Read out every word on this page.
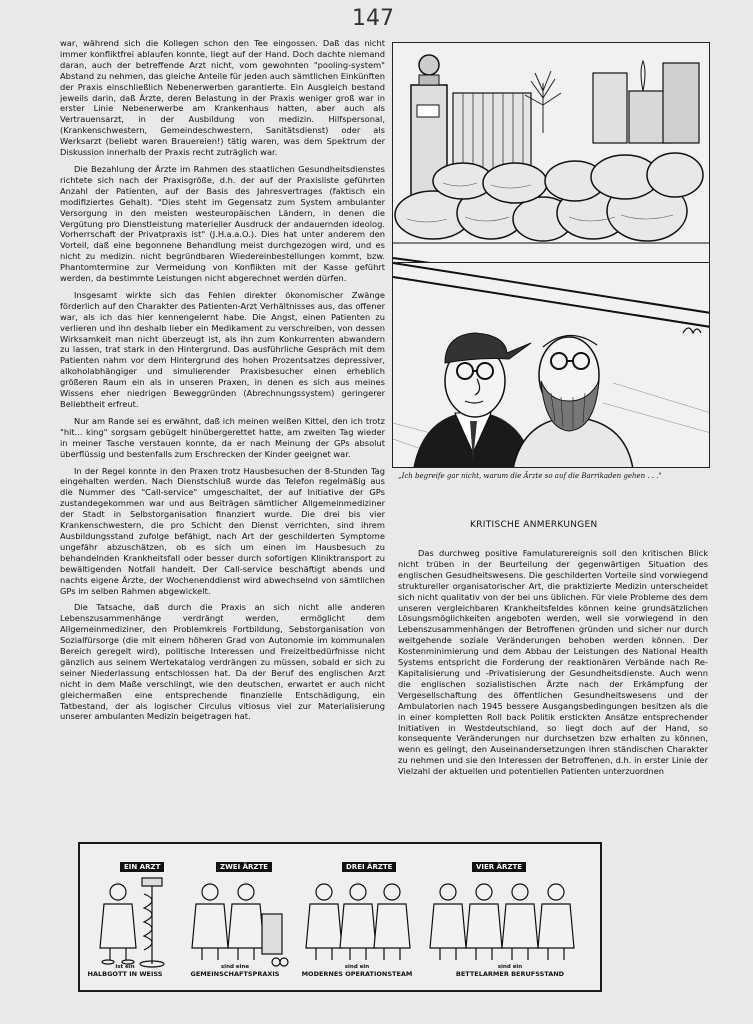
147

war, während sich die Kollegen schon den Tee eingossen. Daß das nicht immer konfliktfrei ablaufen konnte, liegt auf der Hand. Doch dachte niemand daran, auch der betreffende Arzt nicht, vom gewohnten "pooling-system" Abstand zu nehmen, das gleiche Anteile für jeden auch sämtlichen Einkünften der Praxis einschließlich Nebenerwerben garantierte. Ein Ausgleich bestand jeweils darin, daß Ärzte, deren Belastung in der Praxis weniger groß war in erster Linie Nebenerwerbe am Krankenhaus hatten, aber auch als Vertrauensarzt, in der Ausbildung von medizin. Hilfspersonal, (Krankenschwestern, Gemeindeschwestern, Sanitätsdienst) oder als Werksarzt (beliebt waren Brauereien!) tätig waren, was dem Spektrum der Diskussion innerhalb der Praxis recht zuträglich war.

Die Bezahlung der Ärzte im Rahmen des staatlichen Gesundheitsdienstes richtete sich nach der Praxisgröße, d.h. der auf der Praxisliste geführten Anzahl der Patienten, auf der Basis des Jahresvertrages (faktisch ein modifiziertes Gehalt). "Dies steht im Gegensatz zum System ambulanter Versorgung in den meisten westeuropäischen Ländern, in denen die Vergütung pro Dienstleistung materieller Ausdruck der andauernden ideolog. Vorherrschaft der Privatpraxis ist" (J.H.a.a.O.). Dies hat unter anderem den Vorteil, daß eine begonnene Behandlung meist durchgezogen wird, und es nicht zu medizin. nicht begründbaren Wiedereinbestellungen kommt, bzw. Phantomtermine zur Vermeidung von Konflikten mit der Kasse geführt werden, da bestimmte Leistungen nicht abgerechnet werden dürfen.

Insgesamt wirkte sich das Fehlen direkter ökonomischer Zwänge förderlich auf den Charakter des Patienten-Arzt Verhältnisses aus, das offener war, als ich das hier kennengelernt habe. Die Angst, einen Patienten zu verlieren und ihn deshalb lieber ein Medikament zu verschreiben, von dessen Wirksamkeit man nicht überzeugt ist, als ihn zum Konkurrenten abwandern zu lassen, trat stark in den Hintergrund. Das ausführliche Gespräch mit dem Patienten nahm vor dem Hintergrund des hohen Prozentsatzes depressiver, alkoholabhängiger und simulierender Praxisbesucher einen erheblich größeren Raum ein als in unseren Praxen, in denen es sich aus meines Wissens eher niedrigen Beweggründen (Abrechnungssystem) geringerer Beliebtheit erfreut.

Nur am Rande sei es erwähnt, daß ich meinen weißen Kittel, den ich trotz "hit... king" sorgsam gebügelt hinübergerettet hatte, am zweiten Tag wieder in meiner Tasche verstauen konnte, da er nach Meinung der GPs absolut überflüssig und bestenfalls zum Erschrecken der Kinder geeignet war.

In der Regel konnte in den Praxen trotz Hausbesuchen der 8-Stunden Tag eingehalten werden. Nach Dienstschluß wurde das Telefon regelmäßig aus die Nummer des "Call-service" umgeschaltet, der auf Initiative der GPs zustandegekommen war und aus Beiträgen sämtlicher Allgemeinmediziner der Stadt in Selbstorganisation finanziert wurde. Die drei bis vier Krankenschwestern, die pro Schicht den Dienst verrichten, sind ihrem Ausbildungsstand zufolge befähigt, nach Art der geschilderten Symptome ungefähr abzuschätzen, ob es sich um einen im Hausbesuch zu behandelnden Krankheitsfall oder besser durch sofortigen Kliniktransport zu bewältigenden Notfall handelt. Der Call-service beschäftigt abends und nachts eigene Ärzte, der Wochenenddienst wird abwechselnd von sämtlichen GPs im selben Rahmen abgewickelt.

Die Tatsache, daß durch die Praxis an sich nicht alle anderen Lebenszusammenhänge verdrängt werden, ermöglicht dem Allgemeinmediziner, den Problemkreis Fortbildung, Sebstorganisation von Sozialfürsorge (die mit einem höheren Grad von Autonomie im kommunalen Bereich geregelt wird), politische Interessen und Freizeitbedürfnisse nicht gänzlich aus seinem Wertekatalog verdrängen zu müssen, sobald er sich zu seiner Niederlassung entschlossen hat. Da der Beruf des englischen Arzt nicht in dem Maße verschlingt, wie den deutschen, erwartet er auch nicht gleichermaßen eine entsprechende finanzielle Entschädigung, ein Tatbestand, der als logischer Circulus vitiosus viel zur Materialisierung unserer ambulanten Medizin beigetragen hat.

„Ich begreife gar nicht, warum die Ärzte so auf die Barrikaden gehen . . ."
KRITISCHE ANMERKUNGEN

Das durchweg positive Famulaturereignis soll den kritischen Blick nicht trüben in der Beurteilung der gegenwärtigen Situation des englischen Gesudheitswesens. Die geschilderten Vorteile sind vorwiegend struktureller organisatorischer Art, die praktizierte Medizin unterscheidet sich nicht qualitativ von der bei uns üblichen. Für viele Probleme des dem unseren vergleichbaren Krankheitsfeldes können keine grundsätzlichen Lösungsmöglichkeiten angeboten werden, weil sie vorwiegend in den Lebenszusammenhängen der Betroffenen gründen und sicher nur durch weitgehende soziale Veränderungen behoben werden können. Der Kostenminimierung und dem Abbau der Leistungen des National Health Systems entspricht die Forderung der reaktionären Verbände nach Re-Kapitalisierung und -Privatisierung der Gesundheitsdienste. Auch wenn die englischen sozialistischen Ärzte nach der Erkämpfung der Vergesellschaftung des öffentlichen Gesundheitswesens und der Ambulatorien nach 1945 bessere Ausgangsbedingungen besitzen als die in einer kompletten Roll back Politik erstickten Ansätze entsprechender Initiativen in Westdeutschland, so liegt doch auf der Hand, so konsequente Veränderungen nur durchsetzen bzw erhalten zu können, wenn es gelingt, den Auseinandersetzungen ihren ständischen Charakter zu nehmen und sie den Interessen der Betroffenen, d.h. in erster Linie der Vielzahl der aktuellen und potentiellen Patienten unterzuordnen

EIN ARZT
ist ein
HALBGOTT IN WEISS
ZWEI ÄRZTE
sind eine
GEMEINSCHAFTSPRAXIS
DREI ÄRZTE
sind ein
MODERNES OPERATIONSTEAM
VIER ÄRZTE
sind ein
BETTELARMER BERUFSSTAND
